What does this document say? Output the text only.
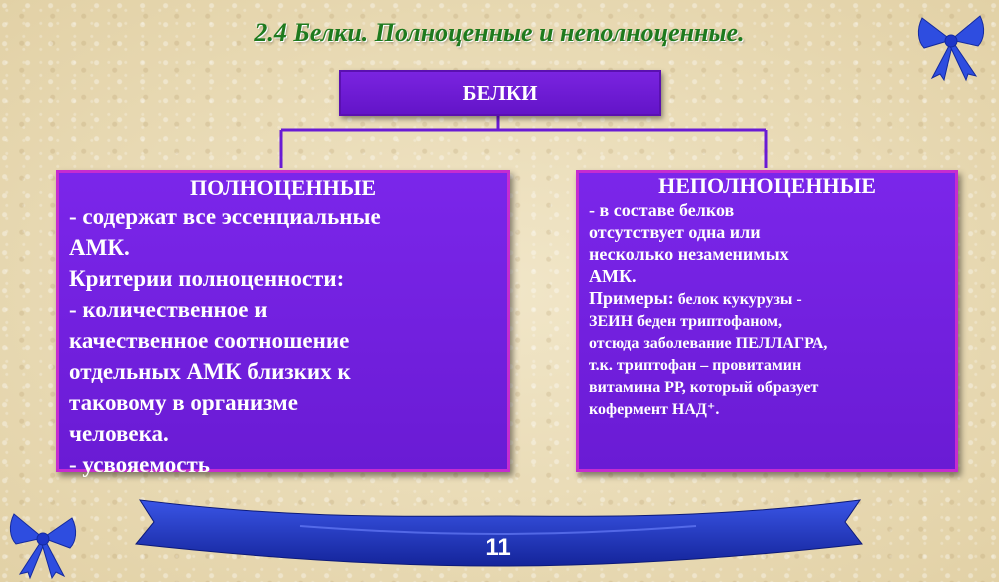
2.4 Белки. Полноценные и неполноценные.
БЕЛКИ
ПОЛНОЦЕННЫЕ

- содержат все эссенциальные

АМК.

Критерии полноценности:

- количественное и

качественное соотношение

отдельных АМК близких к

таковому в организме

человека.

- усвояемость

НЕПОЛНОЦЕННЫЕ

- в составе белков

отсутствует одна или

несколько незаменимых

АМК.

Примеры: белок кукурузы -

ЗЕИН беден триптофаном,

отсюда заболевание ПЕЛЛАГРА,

т.к. триптофан – провитамин

витамина РР, который образует

кофермент НАД⁺.

11
